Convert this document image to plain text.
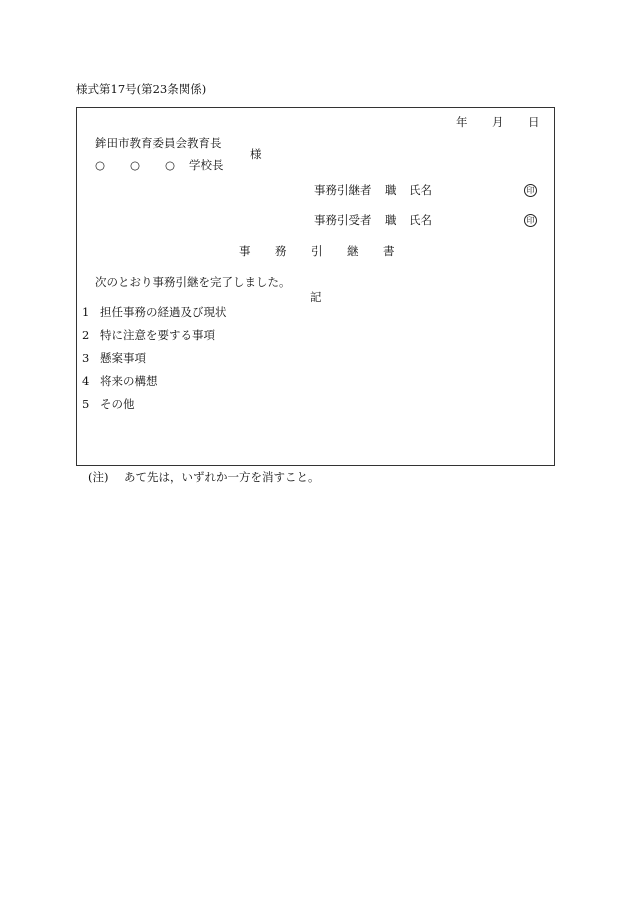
様式第17号(第23条関係)
年 月 日
鉾田市教育委員会教育長
○ ○ ○ 学校長
様
事務引継者 職 氏名	印
事務引受者 職 氏名	印
事 務 引 継 書
次のとおり事務引継を完了しました。
記
1 担任事務の経過及び現状
2 特に注意を要する事項
3 懸案事項
4 将来の構想
5 その他
(注) あて先は，いずれか一方を消すこと。
